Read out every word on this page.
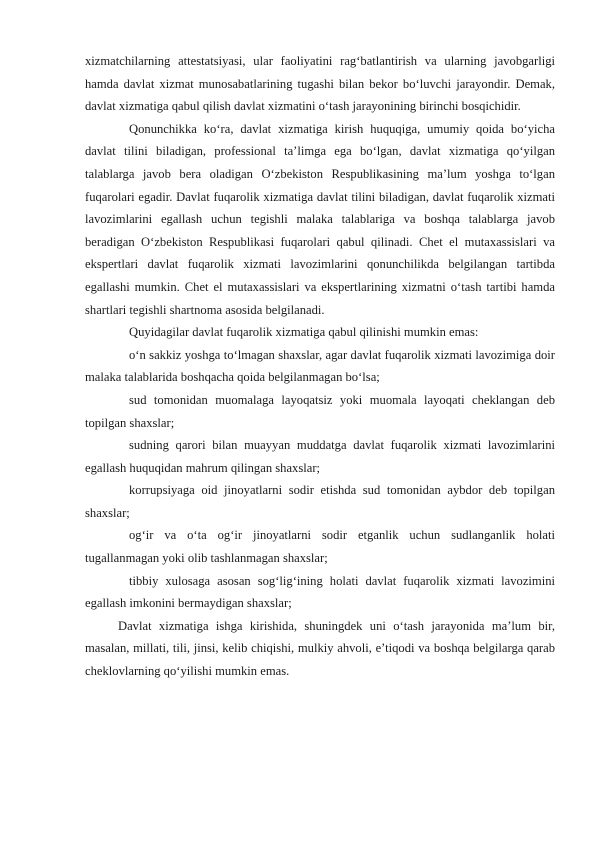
xizmatchilarning attestatsiyasi, ular faoliyatini rag‘batlantirish va ularning javobgarligi hamda davlat xizmat munosabatlarining tugashi bilan bekor bo‘luvchi jarayondir. Demak, davlat xizmatiga qabul qilish davlat xizmatini o‘tash jarayonining birinchi bosqichidir.

Qonunchikka ko‘ra, davlat xizmatiga kirish huquqiga, umumiy qoida bo‘yicha davlat tilini biladigan, professional ta’limga ega bo‘lgan, davlat xizmatiga qo‘yilgan talablarga javob bera oladigan O‘zbekiston Respublikasining ma’lum yoshga to‘lgan fuqarolari egadir. Davlat fuqarolik xizmatiga davlat tilini biladigan, davlat fuqarolik xizmati lavozimlarini egallash uchun tegishli malaka talablariga va boshqa talablarga javob beradigan O‘zbekiston Respublikasi fuqarolari qabul qilinadi. Chet el mutaxassislari va ekspertlari davlat fuqarolik xizmati lavozimlarini qonunchilikda belgilangan tartibda egallashi mumkin. Chet el mutaxassislari va ekspertlarining xizmatni o‘tash tartibi hamda shartlari tegishli shartnoma asosida belgilanadi.

Quyidagilar davlat fuqarolik xizmatiga qabul qilinishi mumkin emas:

o‘n sakkiz yoshga to‘lmagan shaxslar, agar davlat fuqarolik xizmati lavozimiga doir malaka talablarida boshqacha qoida belgilanmagan bo‘lsa;

sud tomonidan muomalaga layoqatsiz yoki muomala layoqati cheklangan deb topilgan shaxslar;

sudning qarori bilan muayyan muddatga davlat fuqarolik xizmati lavozimlarini egallash huquqidan mahrum qilingan shaxslar;

korrupsiyaga oid jinoyatlarni sodir etishda sud tomonidan aybdor deb topilgan shaxslar;

og‘ir va o‘ta og‘ir jinoyatlarni sodir etganlik uchun sudlanganlik holati tugallanmagan yoki olib tashlanmagan shaxslar;

tibbiy xulosaga asosan sog‘lig‘ining holati davlat fuqarolik xizmati lavozimini egallash imkonini bermaydigan shaxslar;

Davlat xizmatiga ishga kirishida, shuningdek uni o‘tash jarayonida ma’lum bir, masalan, millati, tili, jinsi, kelib chiqishi, mulkiy ahvoli, e’tiqodi va boshqa belgilarga qarab cheklovlarning qo‘yilishi mumkin emas.
